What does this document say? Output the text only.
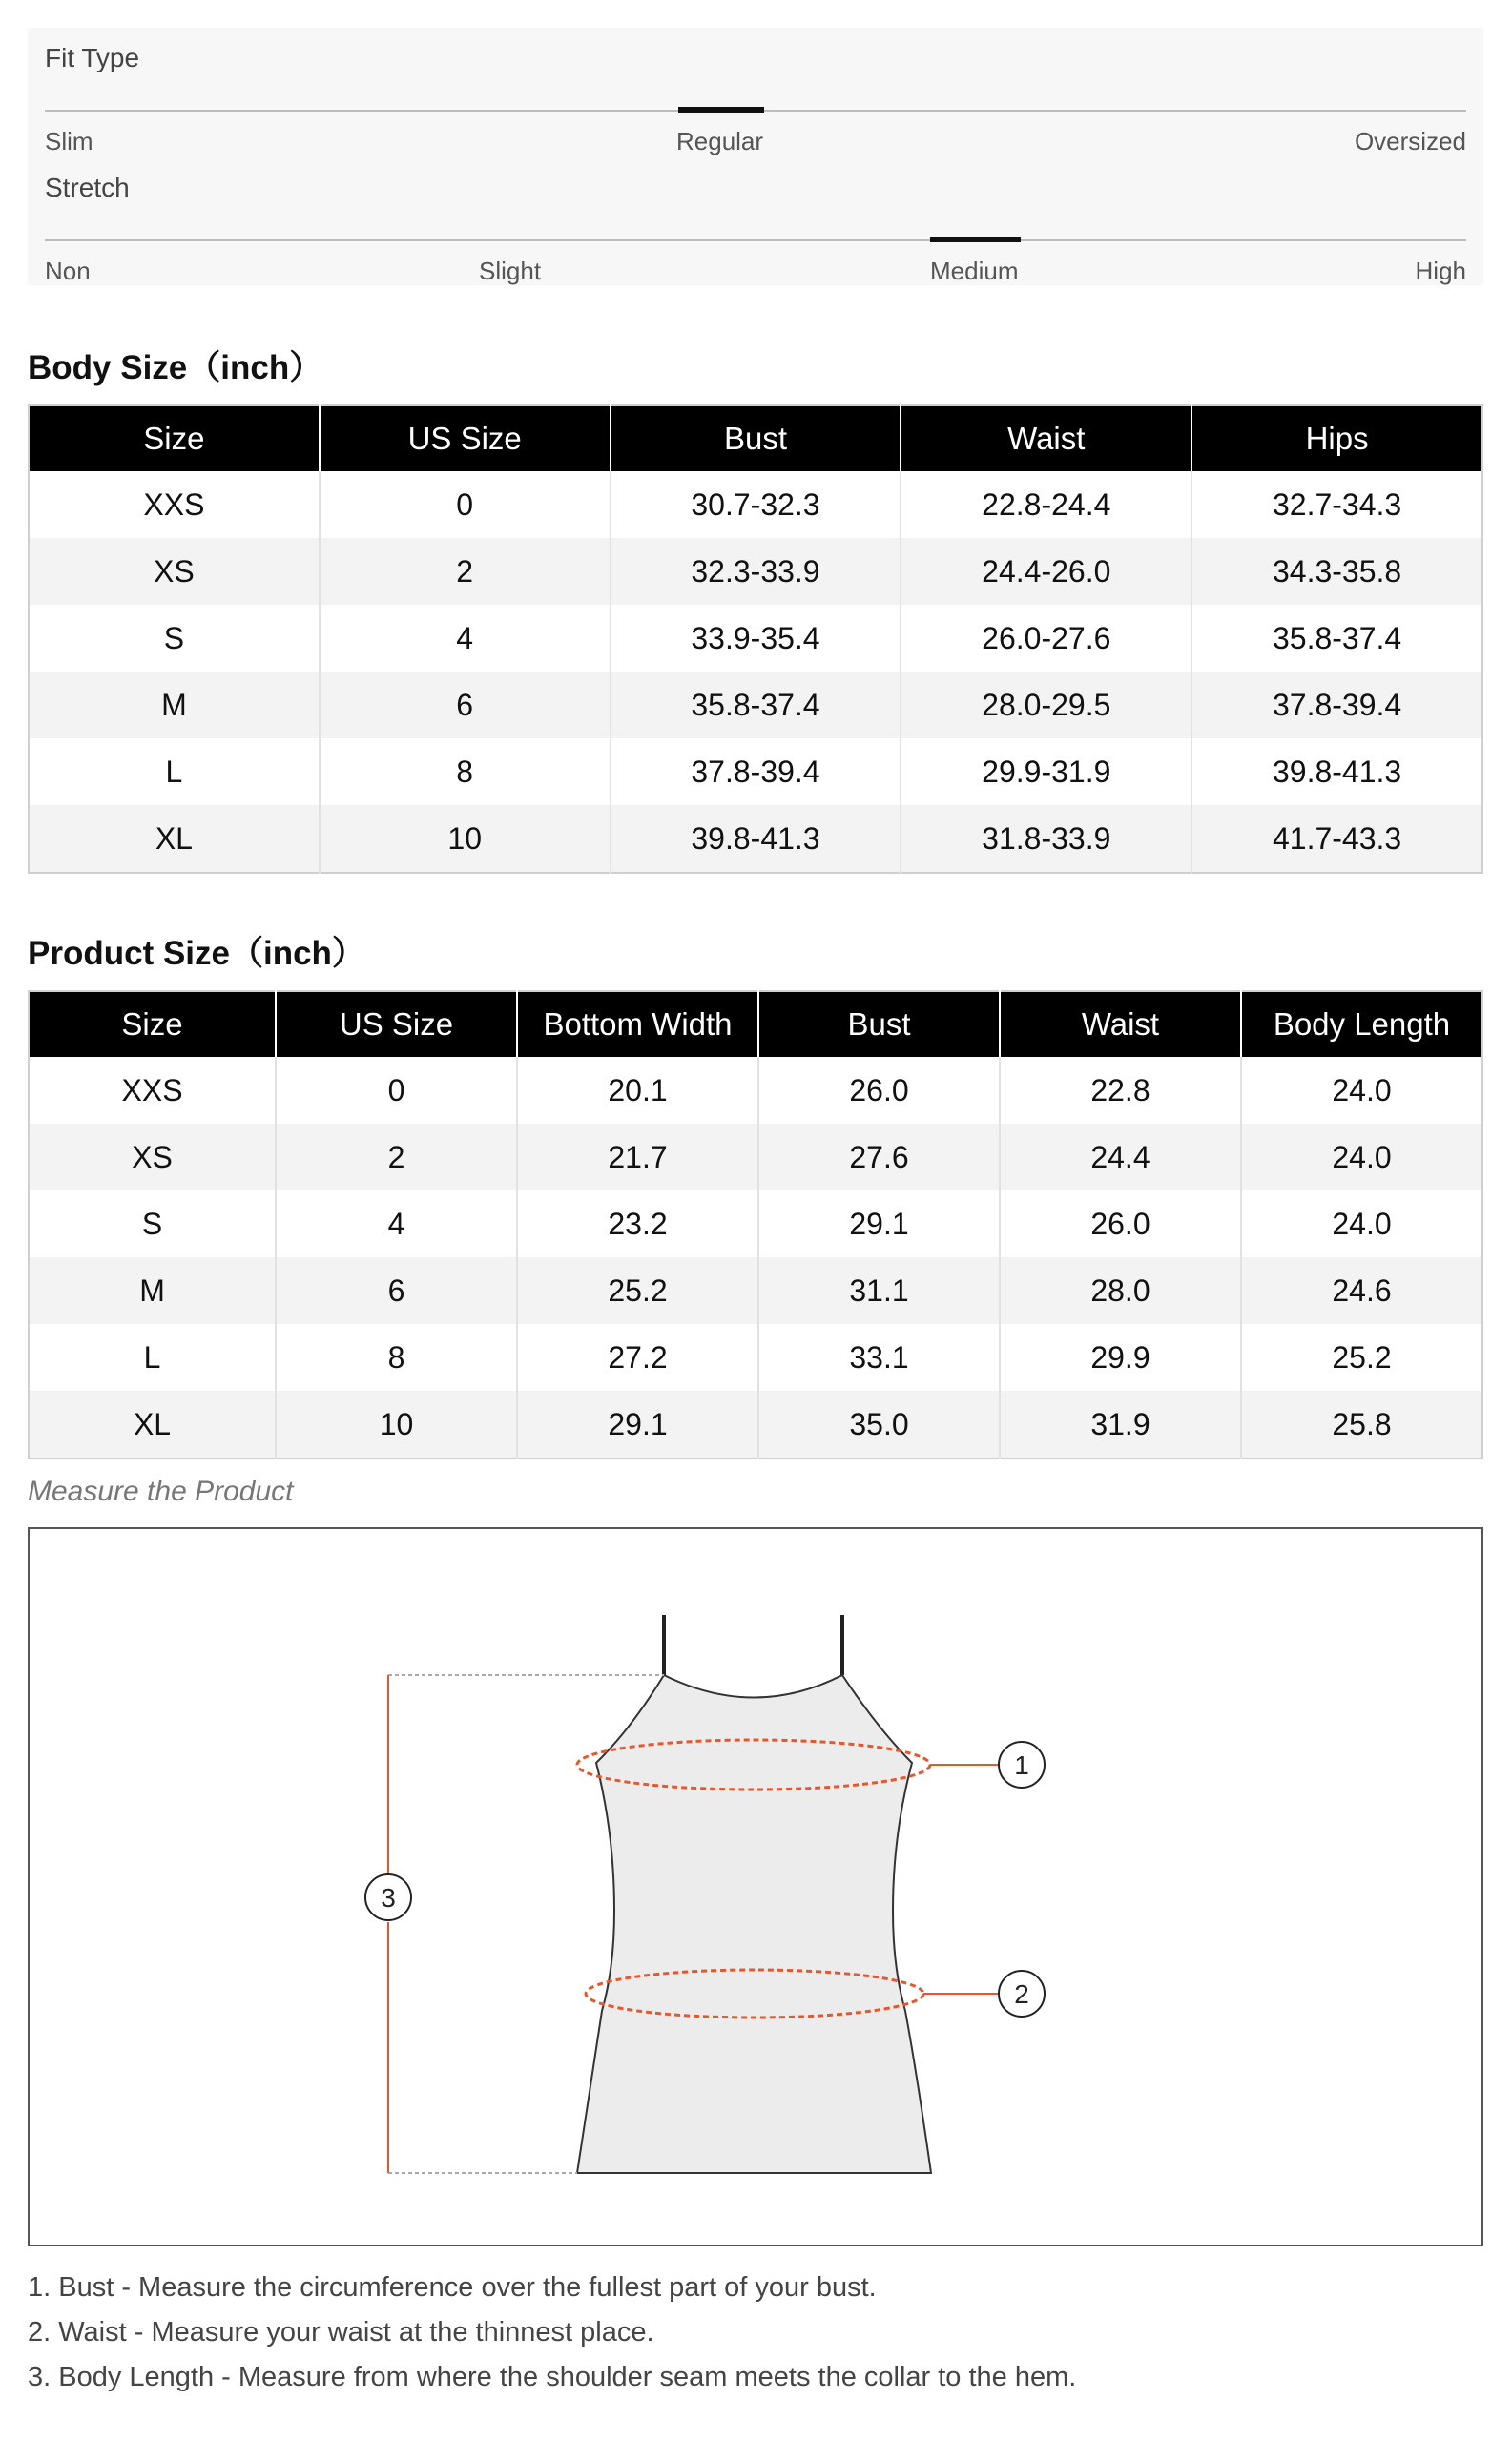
Fit Type
Slim	Regular	Oversized
Stretch
Non	Slight	Medium	High
Body Size（inch）
Size	US Size	Bust	Waist	Hips
XXS	0	30.7-32.3	22.8-24.4	32.7-34.3
XS	2	32.3-33.9	24.4-26.0	34.3-35.8
S	4	33.9-35.4	26.0-27.6	35.8-37.4
M	6	35.8-37.4	28.0-29.5	37.8-39.4
L	8	37.8-39.4	29.9-31.9	39.8-41.3
XL	10	39.8-41.3	31.8-33.9	41.7-43.3
Product Size（inch）
Size	US Size	Bottom Width	Bust	Waist	Body Length
XXS	0	20.1	26.0	22.8	24.0
XS	2	21.7	27.6	24.4	24.0
S	4	23.2	29.1	26.0	24.0
M	6	25.2	31.1	28.0	24.6
L	8	27.2	33.1	29.9	25.2
XL	10	29.1	35.0	31.9	25.8
Measure the Product
1
2
3
1. Bust - Measure the circumference over the fullest part of your bust.
2. Waist - Measure your waist at the thinnest place.
3. Body Length - Measure from where the shoulder seam meets the collar to the hem.
